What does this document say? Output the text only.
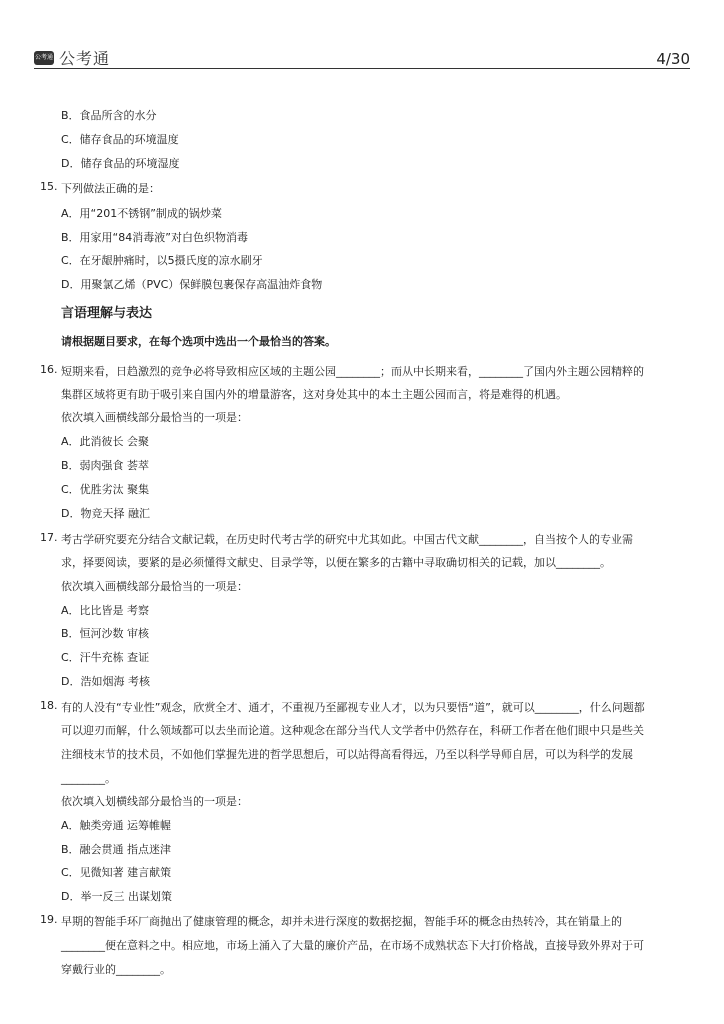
公考通 公考通	4/30
B．食品所含的水分
C．储存食品的环境温度
D．储存食品的环境湿度
15. 下列做法正确的是：
A．用“201不锈钢”制成的锅炒菜
B．用家用“84消毒液”对白色织物消毒
C．在牙龈肿痛时，以5摄氏度的凉水刷牙
D．用聚氯乙烯（PVC）保鲜膜包裹保存高温油炸食物
言语理解与表达
请根据题目要求，在每个选项中选出一个最恰当的答案。
16. 短期来看，日趋激烈的竞争必将导致相应区域的主题公园________；而从中长期来看，________了国内外主题公园精粹的
集群区域将更有助于吸引来自国内外的增量游客，这对身处其中的本土主题公园而言，将是难得的机遇。
依次填入画横线部分最恰当的一项是：
A．此消彼长 会聚
B．弱肉强食 荟萃
C．优胜劣汰 聚集
D．物竞天择 融汇
17. 考古学研究要充分结合文献记载，在历史时代考古学的研究中尤其如此。中国古代文献________，自当按个人的专业需
求，择要阅读，要紧的是必须懂得文献史、目录学等，以便在繁多的古籍中寻取确切相关的记载，加以________。
依次填入画横线部分最恰当的一项是：
A．比比皆是 考察
B．恒河沙数 审核
C．汗牛充栋 查证
D．浩如烟海 考核
18. 有的人没有“专业性”观念，欣赏全才、通才，不重视乃至鄙视专业人才，以为只要悟“道”，就可以________，什么问题都
可以迎刃而解，什么领域都可以去坐而论道。这种观念在部分当代人文学者中仍然存在，科研工作者在他们眼中只是些关
注细枝末节的技术员，不如他们掌握先进的哲学思想后，可以站得高看得远，乃至以科学导师自居，可以为科学的发展
________。
依次填入划横线部分最恰当的一项是：
A．触类旁通 运筹帷幄
B．融会贯通 指点迷津
C．见微知著 建言献策
D．举一反三 出谋划策
19. 早期的智能手环厂商抛出了健康管理的概念，却并未进行深度的数据挖掘，智能手环的概念由热转冷，其在销量上的
________便在意料之中。相应地，市场上涌入了大量的廉价产品，在市场不成熟状态下大打价格战，直接导致外界对于可
穿戴行业的________。
